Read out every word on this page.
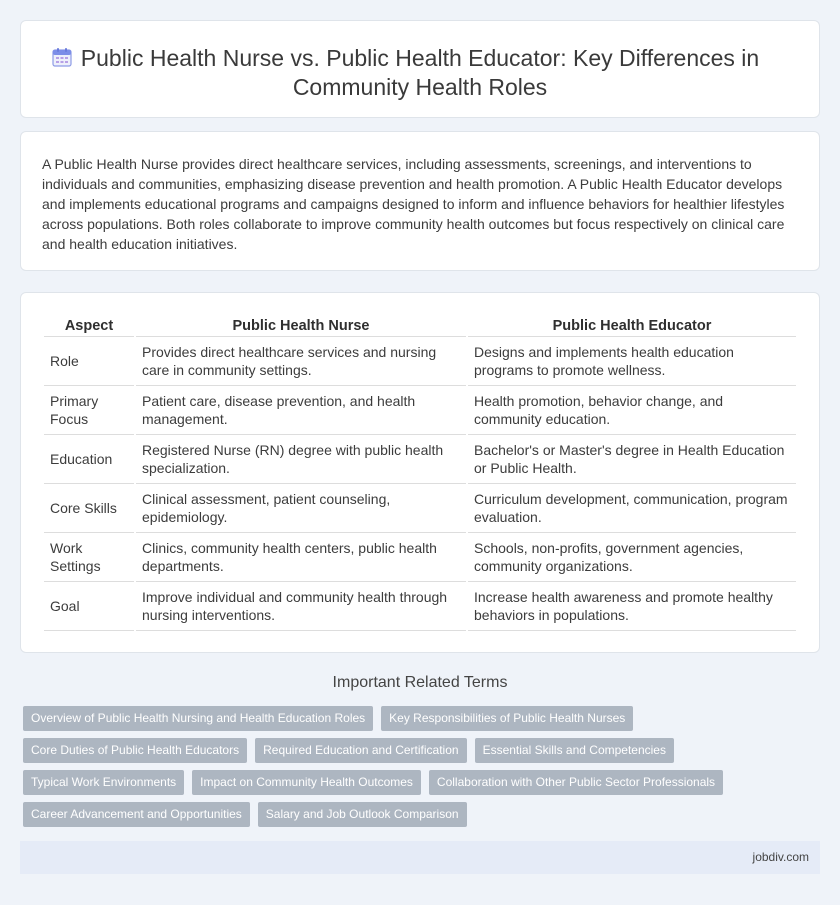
Public Health Nurse vs. Public Health Educator: Key Differences in Community Health Roles

A Public Health Nurse provides direct healthcare services, including assessments, screenings, and interventions to individuals and communities, emphasizing disease prevention and health promotion. A Public Health Educator develops and implements educational programs and campaigns designed to inform and influence behaviors for healthier lifestyles across populations. Both roles collaborate to improve community health outcomes but focus respectively on clinical care and health education initiatives.

Aspect	Public Health Nurse	Public Health Educator
Role	Provides direct healthcare services and nursing care in community settings.	Designs and implements health education programs to promote wellness.
Primary Focus	Patient care, disease prevention, and health management.	Health promotion, behavior change, and community education.
Education	Registered Nurse (RN) degree with public health specialization.	Bachelor's or Master's degree in Health Education or Public Health.
Core Skills	Clinical assessment, patient counseling, epidemiology.	Curriculum development, communication, program evaluation.
Work Settings	Clinics, community health centers, public health departments.	Schools, non-profits, government agencies, community organizations.
Goal	Improve individual and community health through nursing interventions.	Increase health awareness and promote healthy behaviors in populations.
Important Related Terms
Overview of Public Health Nursing and Health Education Roles	Key Responsibilities of Public Health Nurses
Core Duties of Public Health Educators	Required Education and Certification	Essential Skills and Competencies
Typical Work Environments	Impact on Community Health Outcomes	Collaboration with Other Public Sector Professionals
Career Advancement and Opportunities	Salary and Job Outlook Comparison
jobdiv.com
